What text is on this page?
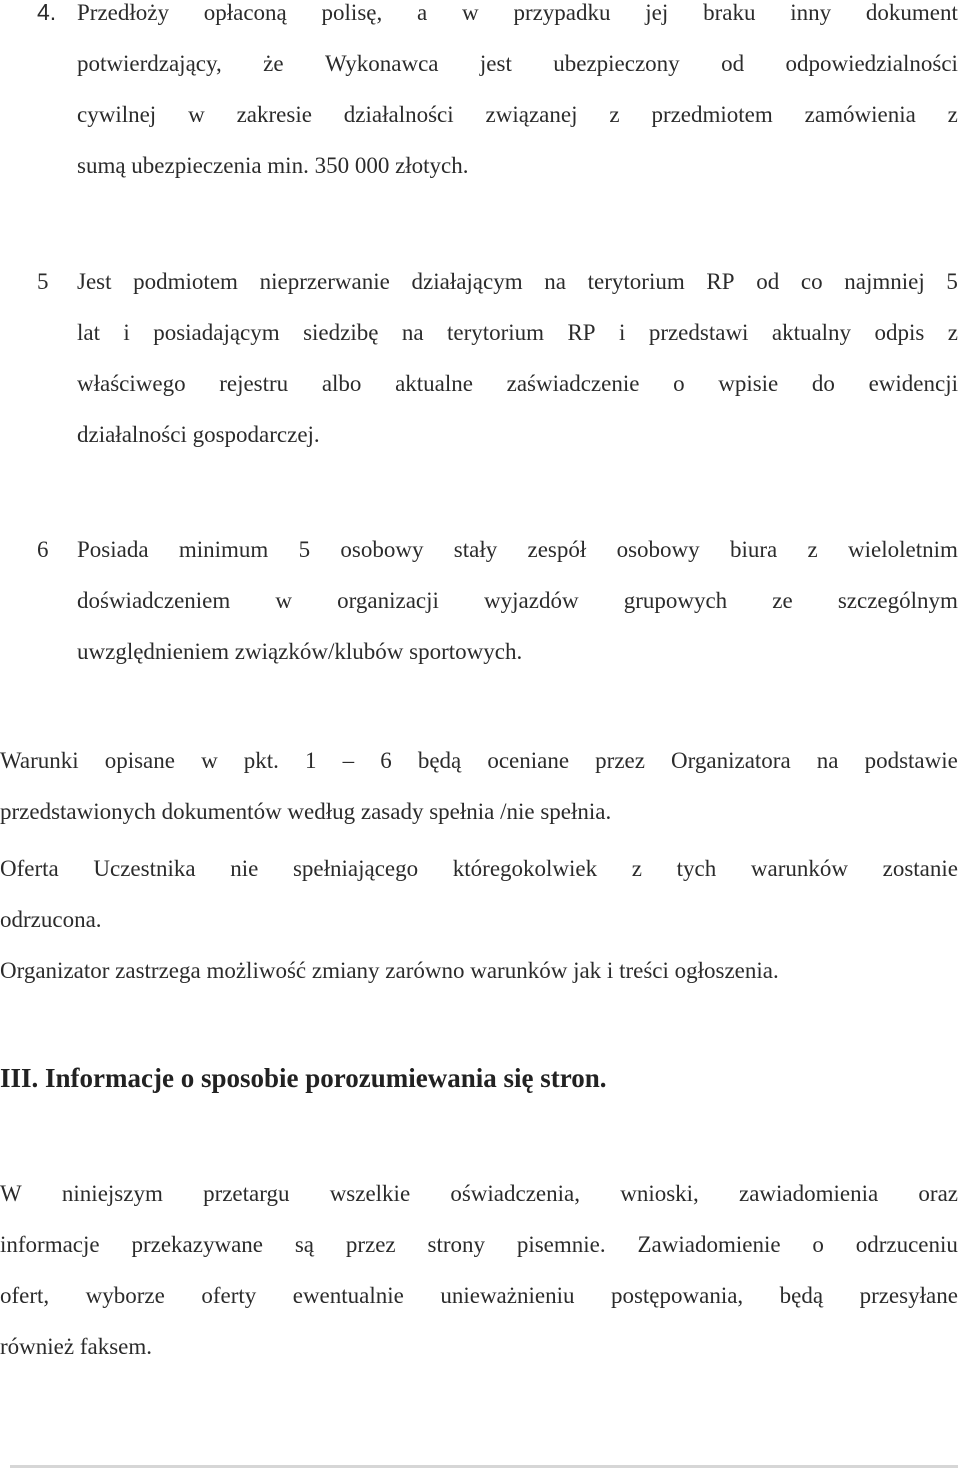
4. Przedłoży opłaconą polisę, a w przypadku jej braku inny dokument
potwierdzający, że Wykonawca jest ubezpieczony od odpowiedzialności
cywilnej w zakresie działalności związanej z przedmiotem zamówienia z
sumą ubezpieczenia min. 350 000 złotych.
5 Jest podmiotem nieprzerwanie działającym na terytorium RP od co najmniej 5
lat i posiadającym siedzibę na terytorium RP i przedstawi aktualny odpis z
właściwego rejestru albo aktualne zaświadczenie o wpisie do ewidencji
działalności gospodarczej.
6 Posiada minimum 5 osobowy stały zespół osobowy biura z wieloletnim
doświadczeniem w organizacji wyjazdów grupowych ze szczególnym
uwzględnieniem związków/klubów sportowych.
Warunki opisane w pkt. 1 – 6 będą oceniane przez Organizatora na podstawie
przedstawionych dokumentów według zasady spełnia /nie spełnia.
Oferta Uczestnika nie spełniającego któregokolwiek z tych warunków zostanie
odrzucona.
Organizator zastrzega możliwość zmiany zarówno warunków jak i treści ogłoszenia.
III. Informacje o sposobie porozumiewania się stron.
W niniejszym przetargu wszelkie oświadczenia, wnioski, zawiadomienia oraz
informacje przekazywane są przez strony pisemnie. Zawiadomienie o odrzuceniu
ofert, wyborze oferty ewentualnie unieważnieniu postępowania, będą przesyłane
również faksem.
